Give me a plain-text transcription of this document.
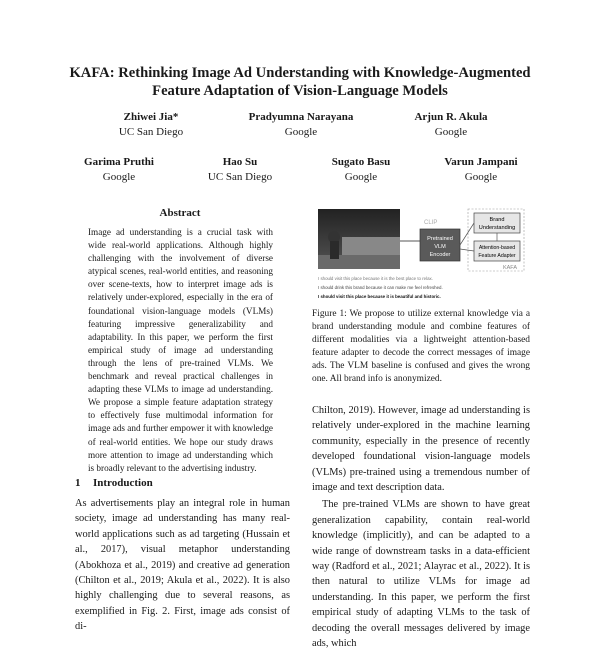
KAFA: Rethinking Image Ad Understanding with Knowledge-Augmented
Feature Adaptation of Vision-Language Models
Zhiwei Jia*
UC San Diego
Pradyumna Narayana
Google
Arjun R. Akula
Google
Garima Pruthi
Google
Hao Su
UC San Diego
Sugato Basu
Google
Varun Jampani
Google
Abstract
Image ad understanding is a crucial task with wide real-world applications. Although highly challenging with the involvement of diverse atypical scenes, real-world entities, and reasoning over scene-texts, how to interpret image ads is relatively under-explored, especially in the era of foundational vision-language models (VLMs) featuring impressive generalizability and adaptability. In this paper, we perform the first empirical study of image ad understanding through the lens of pre-trained VLMs. We benchmark and reveal practical challenges in adapting these VLMs to image ad understanding. We propose a simple feature adaptation strategy to effectively fuse multimodal information for image ads and further empower it with knowledge of real-world entities. We hope our study draws more attention to image ad understanding which is broadly relevant to the advertising industry.
1 Introduction
As advertisements play an integral role in human society, image ad understanding has many real-world applications such as ad targeting (Hussain et al., 2017), visual metaphor understanding (Abokhoza et al., 2019) and creative ad generation (Chilton et al., 2019; Akula et al., 2022). It is also highly challenging due to several reasons, as exemplified in Fig. 2. First, image ads consist of di-
CLIP
Pretrained
VLM
Encoder
Brand
Understanding
Attention-based
Feature Adapter
KAFA
I should visit this place because it is the best place to relax.
I should drink this brand because it can make me feel refreshed.
I should visit this place because it is beautiful and historic.
Figure 1: We propose to utilize external knowledge via a brand understanding module and combine features of different modalities via a lightweight attention-based feature adapter to decode the correct messages of image ads. The VLM baseline is confused and gives the wrong one. All brand info is anonymized.

Chilton, 2019). However, image ad understanding is relatively under-explored in the machine learning community, especially in the presence of recently developed foundational vision-language models (VLMs) pre-trained using a tremendous number of image and text description data.

The pre-trained VLMs are shown to have great generalization capability, contain real-world knowledge (implicitly), and can be adapted to a wide range of downstream tasks in a data-efficient way (Radford et al., 2021; Alayrac et al., 2022). It is then natural to utilize VLMs for image ad understanding. In this paper, we perform the first empirical study of adapting VLMs to the task of decoding the overall messages delivered by image ads, which
